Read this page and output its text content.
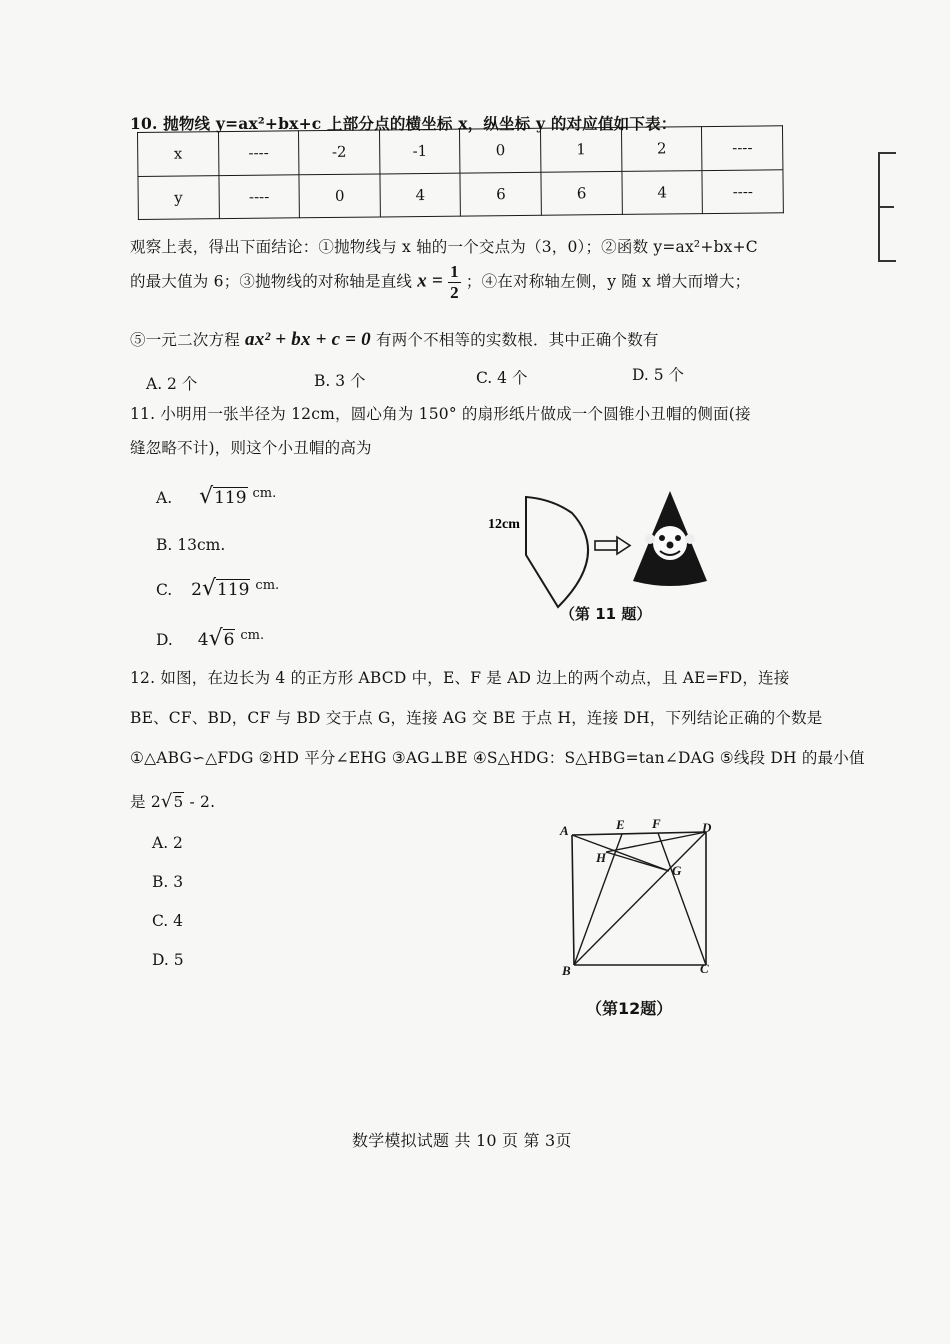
10. 抛物线 y=ax²+bx+c 上部分点的横坐标 x，纵坐标 y 的对应值如下表：
x	----	-2	-1	0	1	2	----
y	----	0	4	6	6	4	----
观察上表，得出下面结论：①抛物线与 x 轴的一个交点为（3，0）；②函数 y=ax²+bx+C
的最大值为 6；③抛物线的对称轴是直线 $x = \frac{1}{2}$ ；④在对称轴左侧，y 随 x 增大而增大；
⑤一元二次方程 ax² + bx + c = 0 有两个不相等的实数根．其中正确个数有
A. 2 个	B. 3 个	C. 4 个	D. 5 个
11. 小明用一张半径为 12cm，圆心角为 150° 的扇形纸片做成一个圆锥小丑帽的侧面(接
缝忽略不计)，则这个小丑帽的高为
A. √119 $^{cm.}$
B. 13cm.
C. 2√119 $^{cm.}$
D. 4√6 $^{cm.}$
12cm
（第 11 题）
12. 如图，在边长为 4 的正方形 ABCD 中，E、F 是 AD 边上的两个动点，且 AE=FD，连接
BE、CF、BD，CF 与 BD 交于点 G，连接 AG 交 BE 于点 H，连接 DH，下列结论正确的个数是
①△ABG∽△FDG ②HD 平分∠EHG ③AG⊥BE ④S△HDG：S△HBG=tan∠DAG ⑤线段 DH 的最小值
是 2√5 - 2.
A. 2
B. 3
C. 4
D. 5
A	E F	D
H
G
B	C
（第12题）
数学模拟试题 共 10 页 第 3页
